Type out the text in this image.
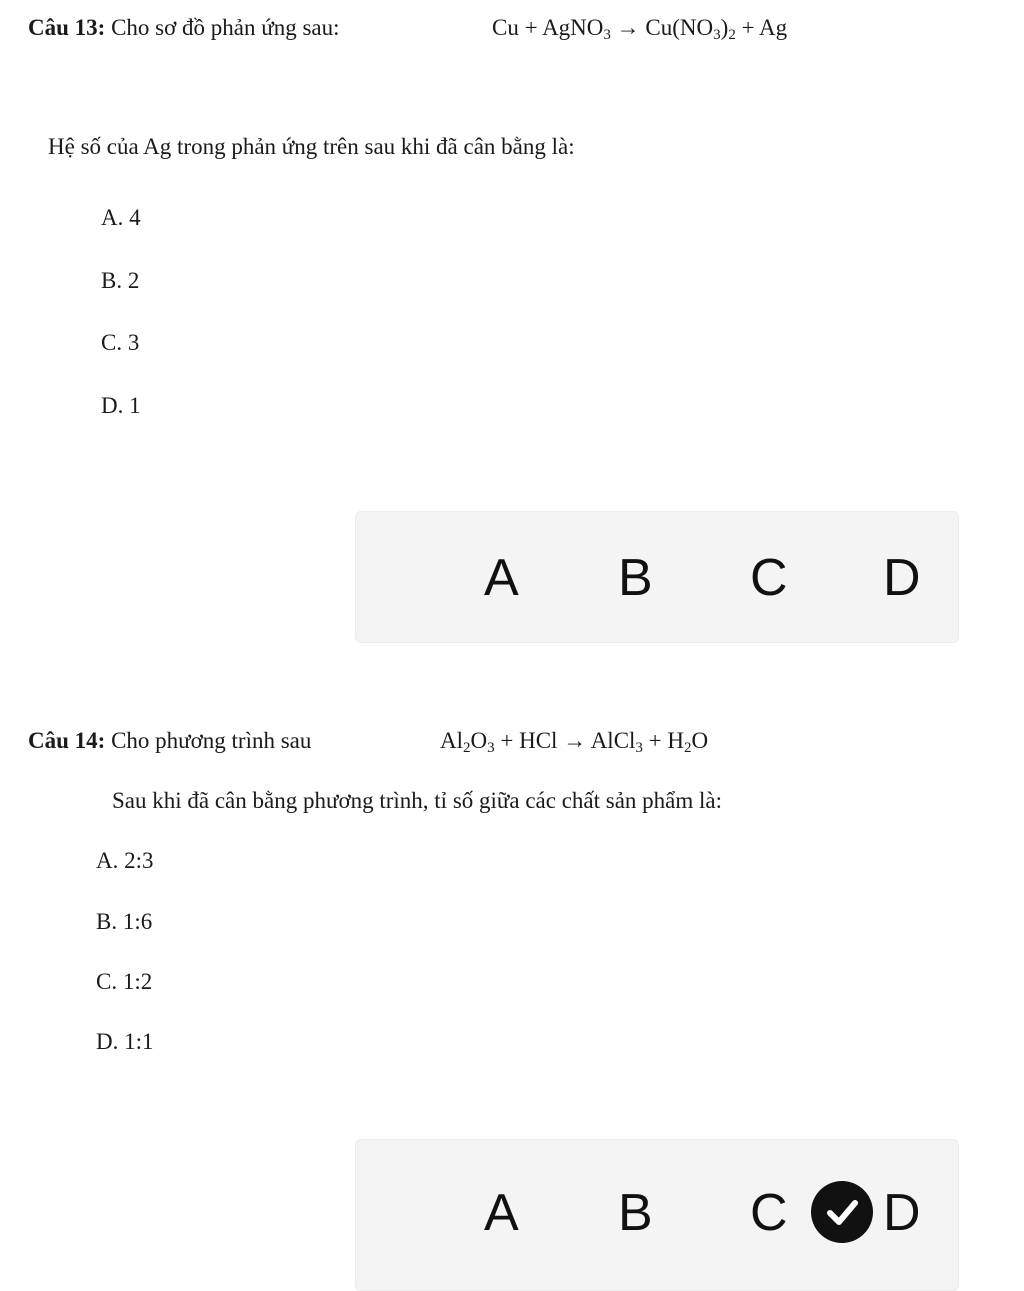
Câu 13: Cho sơ đồ phản ứng sau:	Cu + AgNO$_3$ → $Cu(NO_3)_2 + Ag$
Hệ số của Ag trong phản ứng trên sau khi đã cân bằng là:
A. 4
B. 2
C. 3
D. 1
A B C D
Câu 14: Cho phương trình sau	$Al_2O_3$ + HCl → AlCl$_3$ + $H_2O$
Sau khi đã cân bằng phương trình, tỉ số giữa các chất sản phẩm là:
A. 2:3
B. 1:6
C. 1:2
D. 1:1
A B C D
